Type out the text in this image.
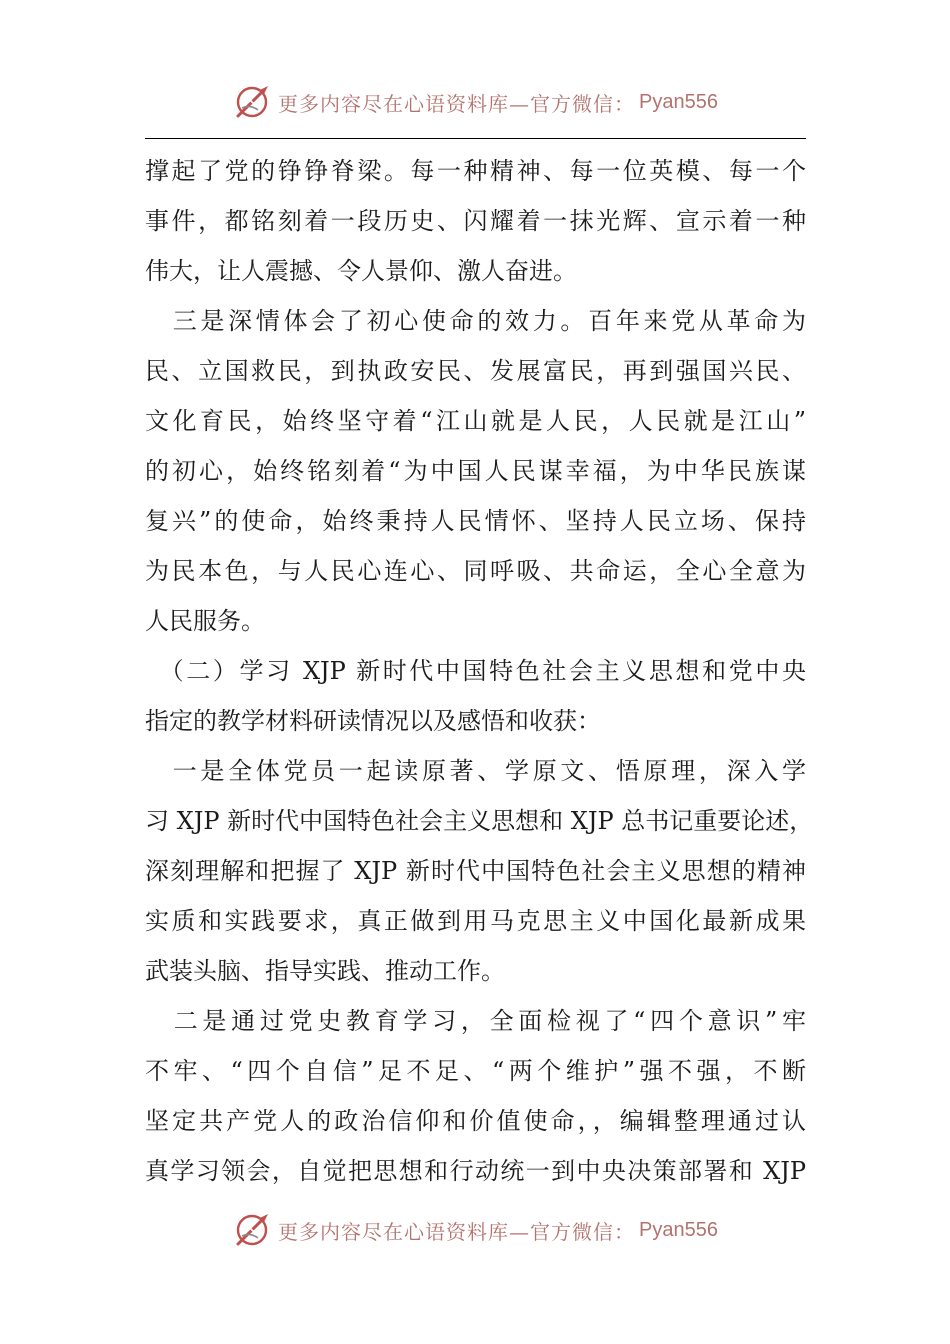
更多内容尽在心语资料库—官方微信： Pyan556
撑起了党的铮铮脊梁。每一种精神、每一位英模、每一个
事件，都铭刻着一段历史、闪耀着一抹光辉、宣示着一种
伟大，让人震撼、令人景仰、激人奋进。
　三是深情体会了初心使命的效力。百年来党从革命为
民、立国救民，到执政安民、发展富民，再到强国兴民、
文化育民，始终坚守着“江山就是人民，人民就是江山”
的初心，始终铭刻着“为中国人民谋幸福，为中华民族谋
复兴”的使命，始终秉持人民情怀、坚持人民立场、保持
为民本色，与人民心连心、同呼吸、共命运，全心全意为
人民服务。
　（二）学习 XJP 新时代中国特色社会主义思想和党中央
指定的教学材料研读情况以及感悟和收获：
　一是全体党员一起读原著、学原文、悟原理，深入学
习 XJP 新时代中国特色社会主义思想和 XJP 总书记重要论述，
深刻理解和把握了 XJP 新时代中国特色社会主义思想的精神
实质和实践要求，真正做到用马克思主义中国化最新成果
武装头脑、指导实践、推动工作。
　二是通过党史教育学习，全面检视了“四个意识”牢
不牢、“四个自信”足不足、“两个维护”强不强，不断
坚定共产党人的政治信仰和价值使命，，编辑整理通过认
真学习领会，自觉把思想和行动统一到中央决策部署和 XJP
更多内容尽在心语资料库—官方微信： Pyan556
